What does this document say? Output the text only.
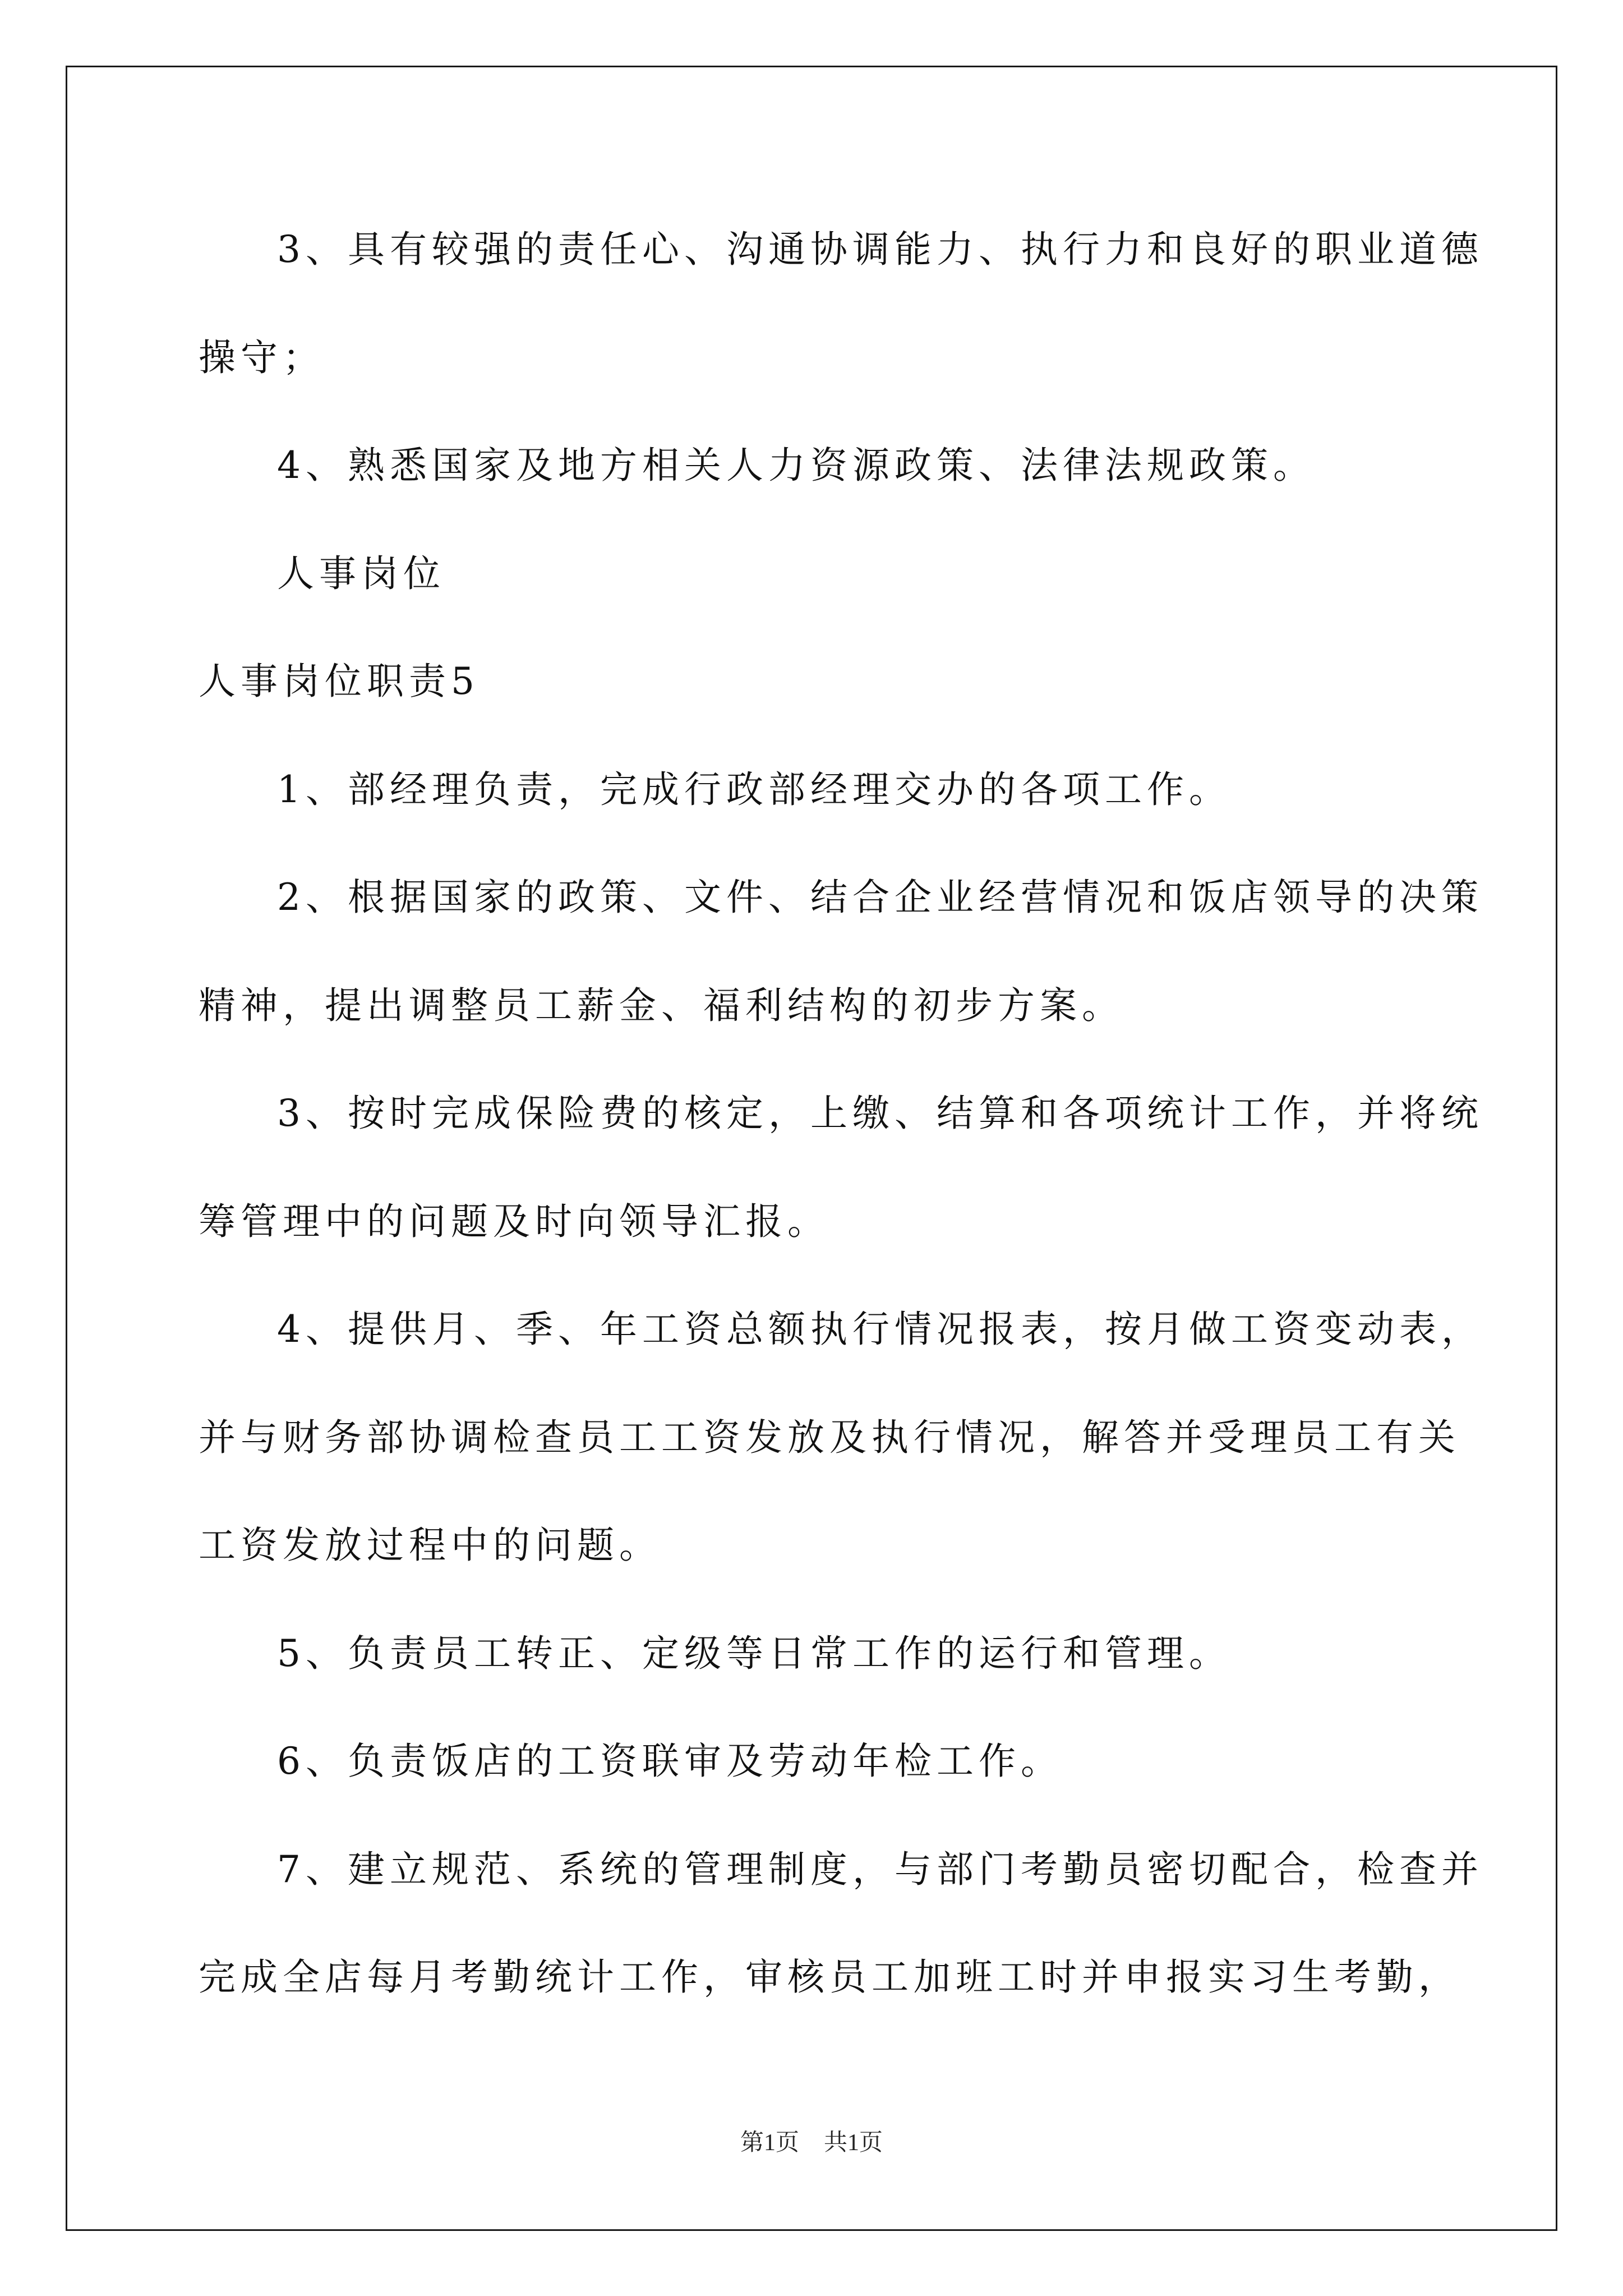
3、具有较强的责任心、沟通协调能力、执行力和良好的职业道德
操守；
4、熟悉国家及地方相关人力资源政策、法律法规政策。
人事岗位
人事岗位职责5
1、部经理负责，完成行政部经理交办的各项工作。
2、根据国家的政策、文件、结合企业经营情况和饭店领导的决策
精神，提出调整员工薪金、福利结构的初步方案。
3、按时完成保险费的核定，上缴、结算和各项统计工作，并将统
筹管理中的问题及时向领导汇报。
4、提供月、季、年工资总额执行情况报表，按月做工资变动表，
并与财务部协调检查员工工资发放及执行情况，解答并受理员工有关
工资发放过程中的问题。
5、负责员工转正、定级等日常工作的运行和管理。
6、负责饭店的工资联审及劳动年检工作。
7、建立规范、系统的管理制度，与部门考勤员密切配合，检查并
完成全店每月考勤统计工作，审核员工加班工时并申报实习生考勤，
第1页 共1页
